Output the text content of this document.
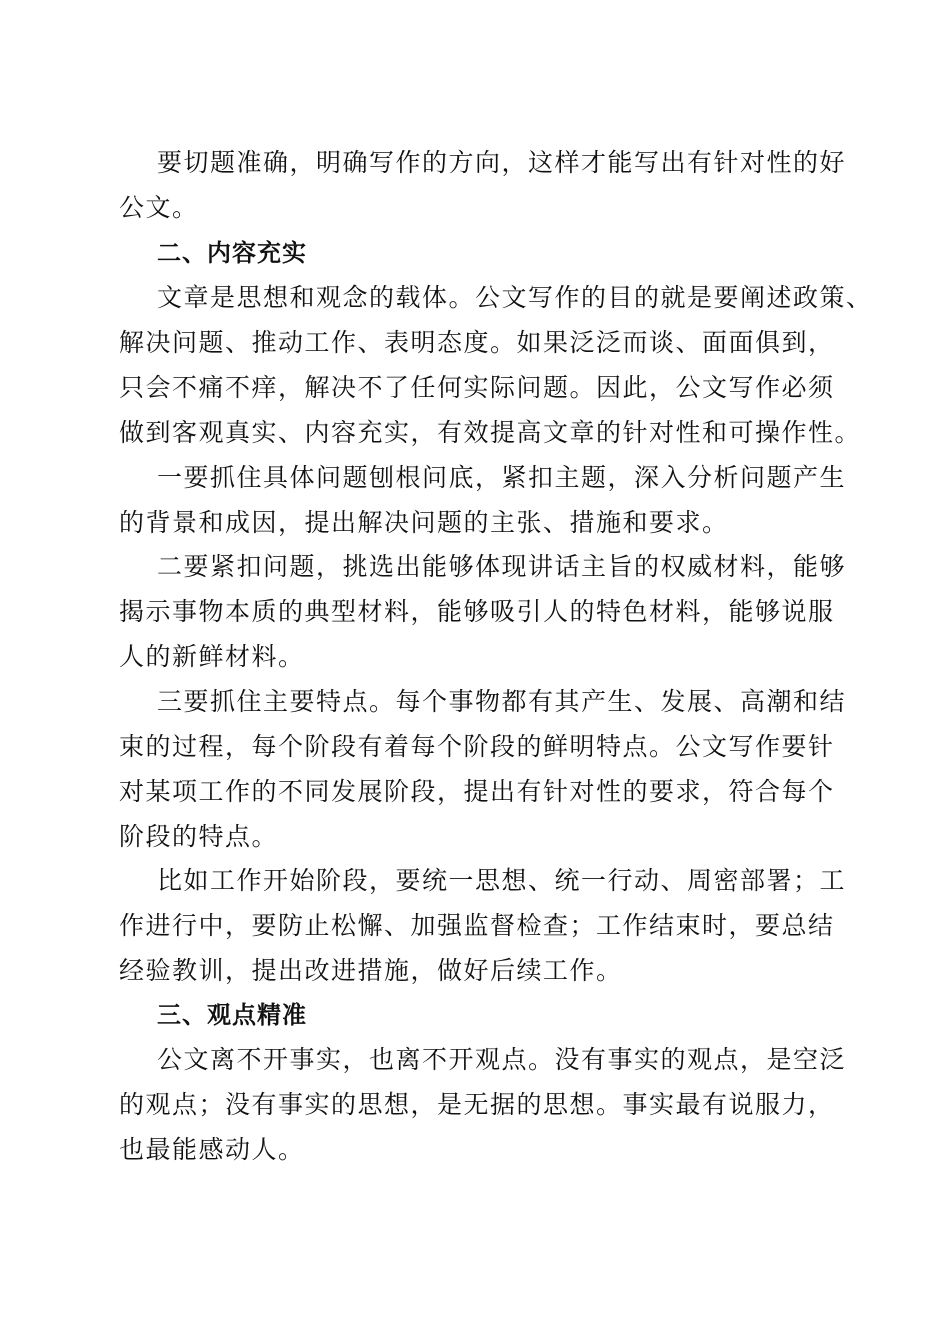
要切题准确，明确写作的方向，这样才能写出有针对性的好
公文。
二、内容充实
文章是思想和观念的载体。公文写作的目的就是要阐述政策、
解决问题、推动工作、表明态度。如果泛泛而谈、面面俱到，
只会不痛不痒，解决不了任何实际问题。因此，公文写作必须
做到客观真实、内容充实，有效提高文章的针对性和可操作性。
一要抓住具体问题刨根问底，紧扣主题，深入分析问题产生
的背景和成因，提出解决问题的主张、措施和要求。
二要紧扣问题，挑选出能够体现讲话主旨的权威材料，能够
揭示事物本质的典型材料，能够吸引人的特色材料，能够说服
人的新鲜材料。
三要抓住主要特点。每个事物都有其产生、发展、高潮和结
束的过程，每个阶段有着每个阶段的鲜明特点。公文写作要针
对某项工作的不同发展阶段，提出有针对性的要求，符合每个
阶段的特点。
比如工作开始阶段，要统一思想、统一行动、周密部署；工
作进行中，要防止松懈、加强监督检查；工作结束时，要总结
经验教训，提出改进措施，做好后续工作。
三、观点精准
公文离不开事实，也离不开观点。没有事实的观点，是空泛
的观点；没有事实的思想，是无据的思想。事实最有说服力，
也最能感动人。
